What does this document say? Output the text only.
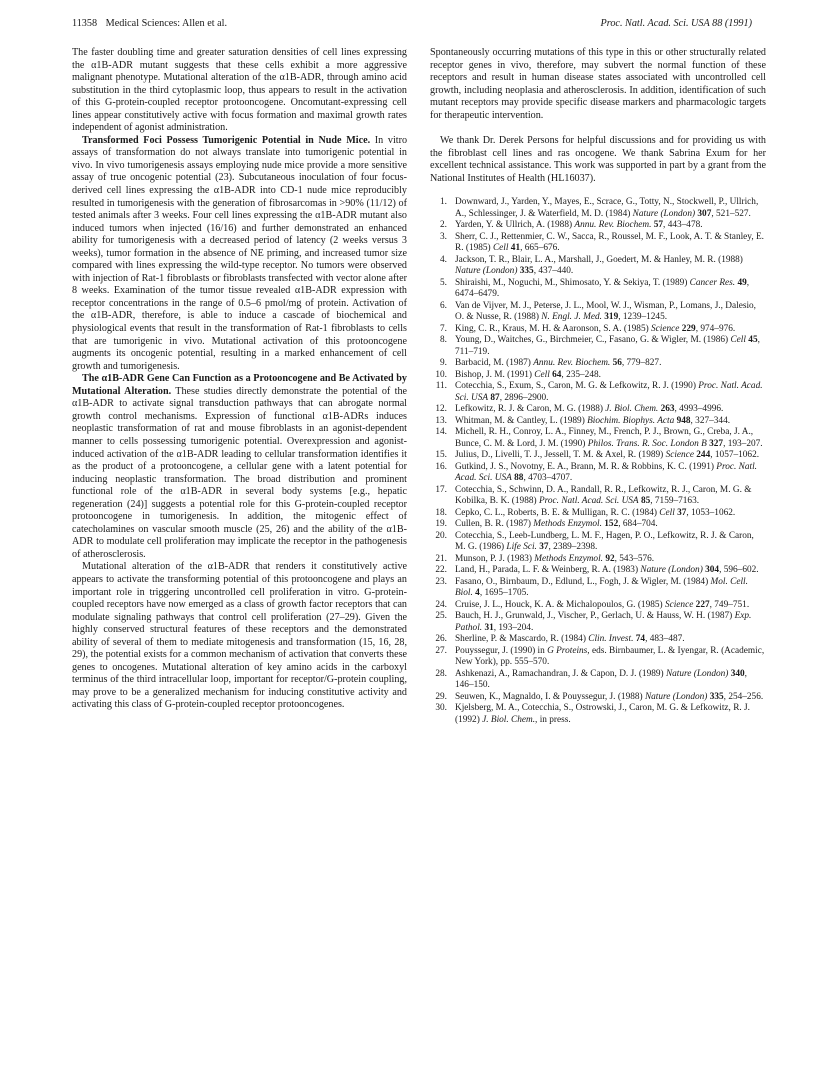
11358 Medical Sciences: Allen et al.	Proc. Natl. Acad. Sci. USA 88 (1991)

The faster doubling time and greater saturation densities of cell lines expressing the α1B-ADR mutant suggests that these cells exhibit a more aggressive malignant phenotype. Mutational alteration of the α1B-ADR, through amino acid substitution in the third cytoplasmic loop, thus appears to result in the activation of this G-protein-coupled receptor protooncogene. Oncomutant-expressing cell lines appear constitutively active with focus formation and maximal growth rates independent of agonist administration.

Transformed Foci Possess Tumorigenic Potential in Nude Mice. In vitro assays of transformation do not always translate into tumorigenic potential in vivo. In vivo tumorigenesis assays employing nude mice provide a more sensitive assay of true oncogenic potential (23). Subcutaneous inoculation of four focus-derived cell lines expressing the α1B-ADR into CD-1 nude mice reproducibly resulted in tumorigenesis with the generation of fibrosarcomas in >90% (11/12) of tested animals after 3 weeks. Four cell lines expressing the α1B-ADR mutant also induced tumors when injected (16/16) and further demonstrated an enhanced ability for tumorigenesis with a decreased period of latency (2 weeks versus 3 weeks), tumor formation in the absence of NE priming, and increased tumor size compared with lines expressing the wild-type receptor. No tumors were observed with injection of Rat-1 fibroblasts or fibroblasts transfected with vector alone after 8 weeks. Examination of the tumor tissue revealed α1B-ADR expression with receptor concentrations in the range of 0.5–6 pmol/mg of protein. Activation of the α1B-ADR, therefore, is able to induce a cascade of biochemical and physiological events that result in the transformation of Rat-1 fibroblasts to cells that are tumorigenic in vivo. Mutational activation of this protooncogene augments its oncogenic potential, resulting in a marked enhancement of cell growth and tumorigenesis.

The α1B-ADR Gene Can Function as a Protooncogene and Be Activated by Mutational Alteration. These studies directly demonstrate the potential of the α1B-ADR to activate signal transduction pathways that can abrogate normal growth control mechanisms. Expression of functional α1B-ADRs induces neoplastic transformation of rat and mouse fibroblasts in an agonist-dependent manner to cells possessing tumorigenic potential. Overexpression and agonist-induced activation of the α1B-ADR leading to cellular transformation identifies it as the product of a protooncogene, a cellular gene with a latent potential for inducing neoplastic transformation. The broad distribution and prominent functional role of the α1B-ADR in several body systems [e.g., hepatic regeneration (24)] suggests a potential role for this G-protein-coupled receptor protooncogene in tumorigenesis. In addition, the mitogenic effect of catecholamines on vascular smooth muscle (25, 26) and the ability of the α1B-ADR to modulate cell proliferation may implicate the receptor in the pathogenesis of atherosclerosis.

Mutational alteration of the α1B-ADR that renders it constitutively active appears to activate the transforming potential of this protooncogene and plays an important role in triggering uncontrolled cell proliferation in vitro. G-protein-coupled receptors have now emerged as a class of growth factor receptors that can modulate signaling pathways that control cell proliferation (27–29). Given the highly conserved structural features of these receptors and the demonstrated ability of several of them to mediate mitogenesis and transformation (15, 16, 28, 29), the potential exists for a common mechanism of activation that converts these genes to oncogenes. Mutational alteration of key amino acids in the carboxyl terminus of the third intracellular loop, important for receptor/G-protein coupling, may prove to be a generalized mechanism for inducing constitutive activity and activating this class of G-protein-coupled receptor protooncogenes.

Spontaneously occurring mutations of this type in this or other structurally related receptor genes in vivo, therefore, may subvert the normal function of these receptors and result in human disease states associated with uncontrolled cell growth, including neoplasia and atherosclerosis. In addition, identification of such mutant receptors may provide specific disease markers and pharmacologic targets for therapeutic intervention.

We thank Dr. Derek Persons for helpful discussions and for providing us with the fibroblast cell lines and ras oncogene. We thank Sabrina Exum for her excellent technical assistance. This work was supported in part by a grant from the National Institutes of Health (HL16037).

1. Downward, J., Yarden, Y., Mayes, E., Scrace, G., Totty, N., Stockwell, P., Ullrich, A., Schlessinger, J. & Waterfield, M. D. (1984) Nature (London) 307, 521–527.
2. Yarden, Y. & Ullrich, A. (1988) Annu. Rev. Biochem. 57, 443–478.
3. Sherr, C. J., Rettenmier, C. W., Sacca, R., Roussel, M. F., Look, A. T. & Stanley, E. R. (1985) Cell 41, 665–676.
4. Jackson, T. R., Blair, L. A., Marshall, J., Goedert, M. & Hanley, M. R. (1988) Nature (London) 335, 437–440.
5. Shiraishi, M., Noguchi, M., Shimosato, Y. & Sekiya, T. (1989) Cancer Res. 49, 6474–6479.
6. Van de Vijver, M. J., Peterse, J. L., Mool, W. J., Wisman, P., Lomans, J., Dalesio, O. & Nusse, R. (1988) N. Engl. J. Med. 319, 1239–1245.
7. King, C. R., Kraus, M. H. & Aaronson, S. A. (1985) Science 229, 974–976.
8. Young, D., Waitches, G., Birchmeier, C., Fasano, G. & Wigler, M. (1986) Cell 45, 711–719.
9. Barbacid, M. (1987) Annu. Rev. Biochem. 56, 779–827.
10. Bishop, J. M. (1991) Cell 64, 235–248.
11. Cotecchia, S., Exum, S., Caron, M. G. & Lefkowitz, R. J. (1990) Proc. Natl. Acad. Sci. USA 87, 2896–2900.
12. Lefkowitz, R. J. & Caron, M. G. (1988) J. Biol. Chem. 263, 4993–4996.
13. Whitman, M. & Cantley, L. (1989) Biochim. Biophys. Acta 948, 327–344.
14. Michell, R. H., Conroy, L. A., Finney, M., French, P. J., Brown, G., Creba, J. A., Bunce, C. M. & Lord, J. M. (1990) Philos. Trans. R. Soc. London B 327, 193–207.
15. Julius, D., Livelli, T. J., Jessell, T. M. & Axel, R. (1989) Science 244, 1057–1062.
16. Gutkind, J. S., Novotny, E. A., Brann, M. R. & Robbins, K. C. (1991) Proc. Natl. Acad. Sci. USA 88, 4703–4707.
17. Cotecchia, S., Schwinn, D. A., Randall, R. R., Lefkowitz, R. J., Caron, M. G. & Kobilka, B. K. (1988) Proc. Natl. Acad. Sci. USA 85, 7159–7163.
18. Cepko, C. L., Roberts, B. E. & Mulligan, R. C. (1984) Cell 37, 1053–1062.
19. Cullen, B. R. (1987) Methods Enzymol. 152, 684–704.
20. Cotecchia, S., Leeb-Lundberg, L. M. F., Hagen, P. O., Lefkowitz, R. J. & Caron, M. G. (1986) Life Sci. 37, 2389–2398.
21. Munson, P. J. (1983) Methods Enzymol. 92, 543–576.
22. Land, H., Parada, L. F. & Weinberg, R. A. (1983) Nature (London) 304, 596–602.
23. Fasano, O., Birnbaum, D., Edlund, L., Fogh, J. & Wigler, M. (1984) Mol. Cell. Biol. 4, 1695–1705.
24. Cruise, J. L., Houck, K. A. & Michalopoulos, G. (1985) Science 227, 749–751.
25. Bauch, H. J., Grunwald, J., Vischer, P., Gerlach, U. & Hauss, W. H. (1987) Exp. Pathol. 31, 193–204.
26. Sherline, P. & Mascardo, R. (1984) Clin. Invest. 74, 483–487.
27. Pouyssegur, J. (1990) in G Proteins, eds. Birnbaumer, L. & Iyengar, R. (Academic, New York), pp. 555–570.
28. Ashkenazi, A., Ramachandran, J. & Capon, D. J. (1989) Nature (London) 340, 146–150.
29. Seuwen, K., Magnaldo, I. & Pouyssegur, J. (1988) Nature (London) 335, 254–256.
30. Kjelsberg, M. A., Cotecchia, S., Ostrowski, J., Caron, M. G. & Lefkowitz, R. J. (1992) J. Biol. Chem., in press.
